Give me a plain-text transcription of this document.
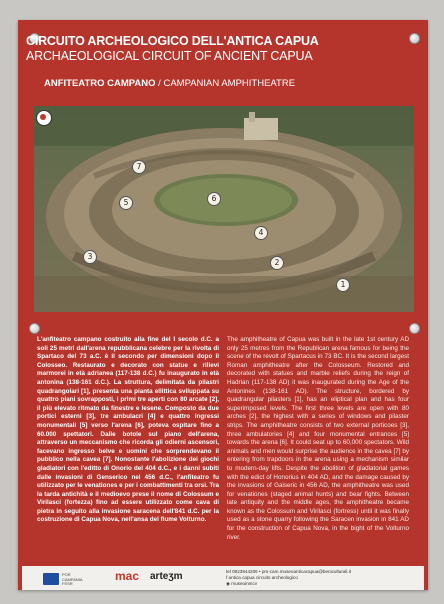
CIRCUITO ARCHEOLOGICO DELL'ANTICA CAPUA
ARCHAEOLOGICAL CIRCUIT OF ANCIENT CAPUA
ANFITEATRO CAMPANO / CAMPANIAN AMPHITHEATRE
1
2
3
4
5	6
7
L'anfiteatro campano costruito alla fine del I secolo d.C. a soli 25 metri dall'arena repubblicana celebre per la rivolta di Spartaco del 73 a.C. è il secondo per dimensioni dopo il Colosseo. Restaurato e decorato con statue e rilievi marmorei in età adrianea (117-138 d.C.) fu inaugurato in età antonina (138-161 d.C.). La struttura, delimitata da pilastri quadrangolari [1], presenta una pianta ellittica sviluppata su quattro piani sovrapposti, i primi tre aperti con 80 arcate [2], il più elevato ritmato da finestre e lesene. Composto da due portici esterni [3], tre ambulacri [4] e quattro ingressi monumentali [5] verso l'arena [6], poteva ospitare fino a 60.000 spettatori. Dalle botole sul piano dell'arena, attraverso un meccanismo che ricorda gli odierni ascensori, facevano ingresso belve e uomini che sorprendevano il pubblico nella cavea [7]. Nonostante l'abolizione dei giochi gladiatori con l'editto di Onorio del 404 d.C., e i danni subiti dalle invasioni di Genserico nel 456 d.C., l'anfiteatro fu utilizzato per le venationes e per i combattimenti tra orsi. Tra la tarda antichità e il medioevo prese il nome di Colossum e Virilasci (fortezza) fino ad essere utilizzato come cava di pietra in seguito alla invasione saracena dell'841 d.C. per la costruzione di Capua Nova, nell'ansa del fiume Volturno.
The amphitheatre of Capua was built in the late 1st century AD only 25 metres from the Republican arena famous for being the scene of the revolt of Spartacus in 73 BC. It is the second largest Roman amphitheatre after the Colosseum. Restored and decorated with statues and marble reliefs during the reign of Hadrian (117-138 AD) it was inaugurated during the Age of the Antonines (138-161 AD). The structure, bordered by quadrangular pilasters [1], has an eliptical plan and has four superimposed levels. The first three levels are open with 80 arches [2], the highest with a series of windows and pilaster strips. The amphitheatre consists of two external porticoes [3], three ambulatories [4] and four monumental entrances [5] towards the arena [6]. It could seat up to 60,000 spectators. Wild animals and men would surprise the audience in the cavea [7] by entering from trapdoors in the arena using a mechanism similar to modern-day lifts. Despite the abolition of gladiatorial games with the edict of Honorius in 404 AD, and the damage caused by the invasions of Gaiseric in 456 AD, the amphitheatre was used for venationes (staged animal hunts) and bear fights. Between late antiquity and the middle ages, the amphitheatre became known as the Colossum and Virilasci (fortress) until it was finally used as a stone quarry following the Saracen invasion in 841 AD for the construction of Capua Nova, in the bight of the Volturno river.
POR CAMPANIA FESR
mac arteʒm	tel 0823844206 • pm-cam.museoanticacapua@beniculturali.it
f antica capua circuito archeologico
◉ museoinmcv
